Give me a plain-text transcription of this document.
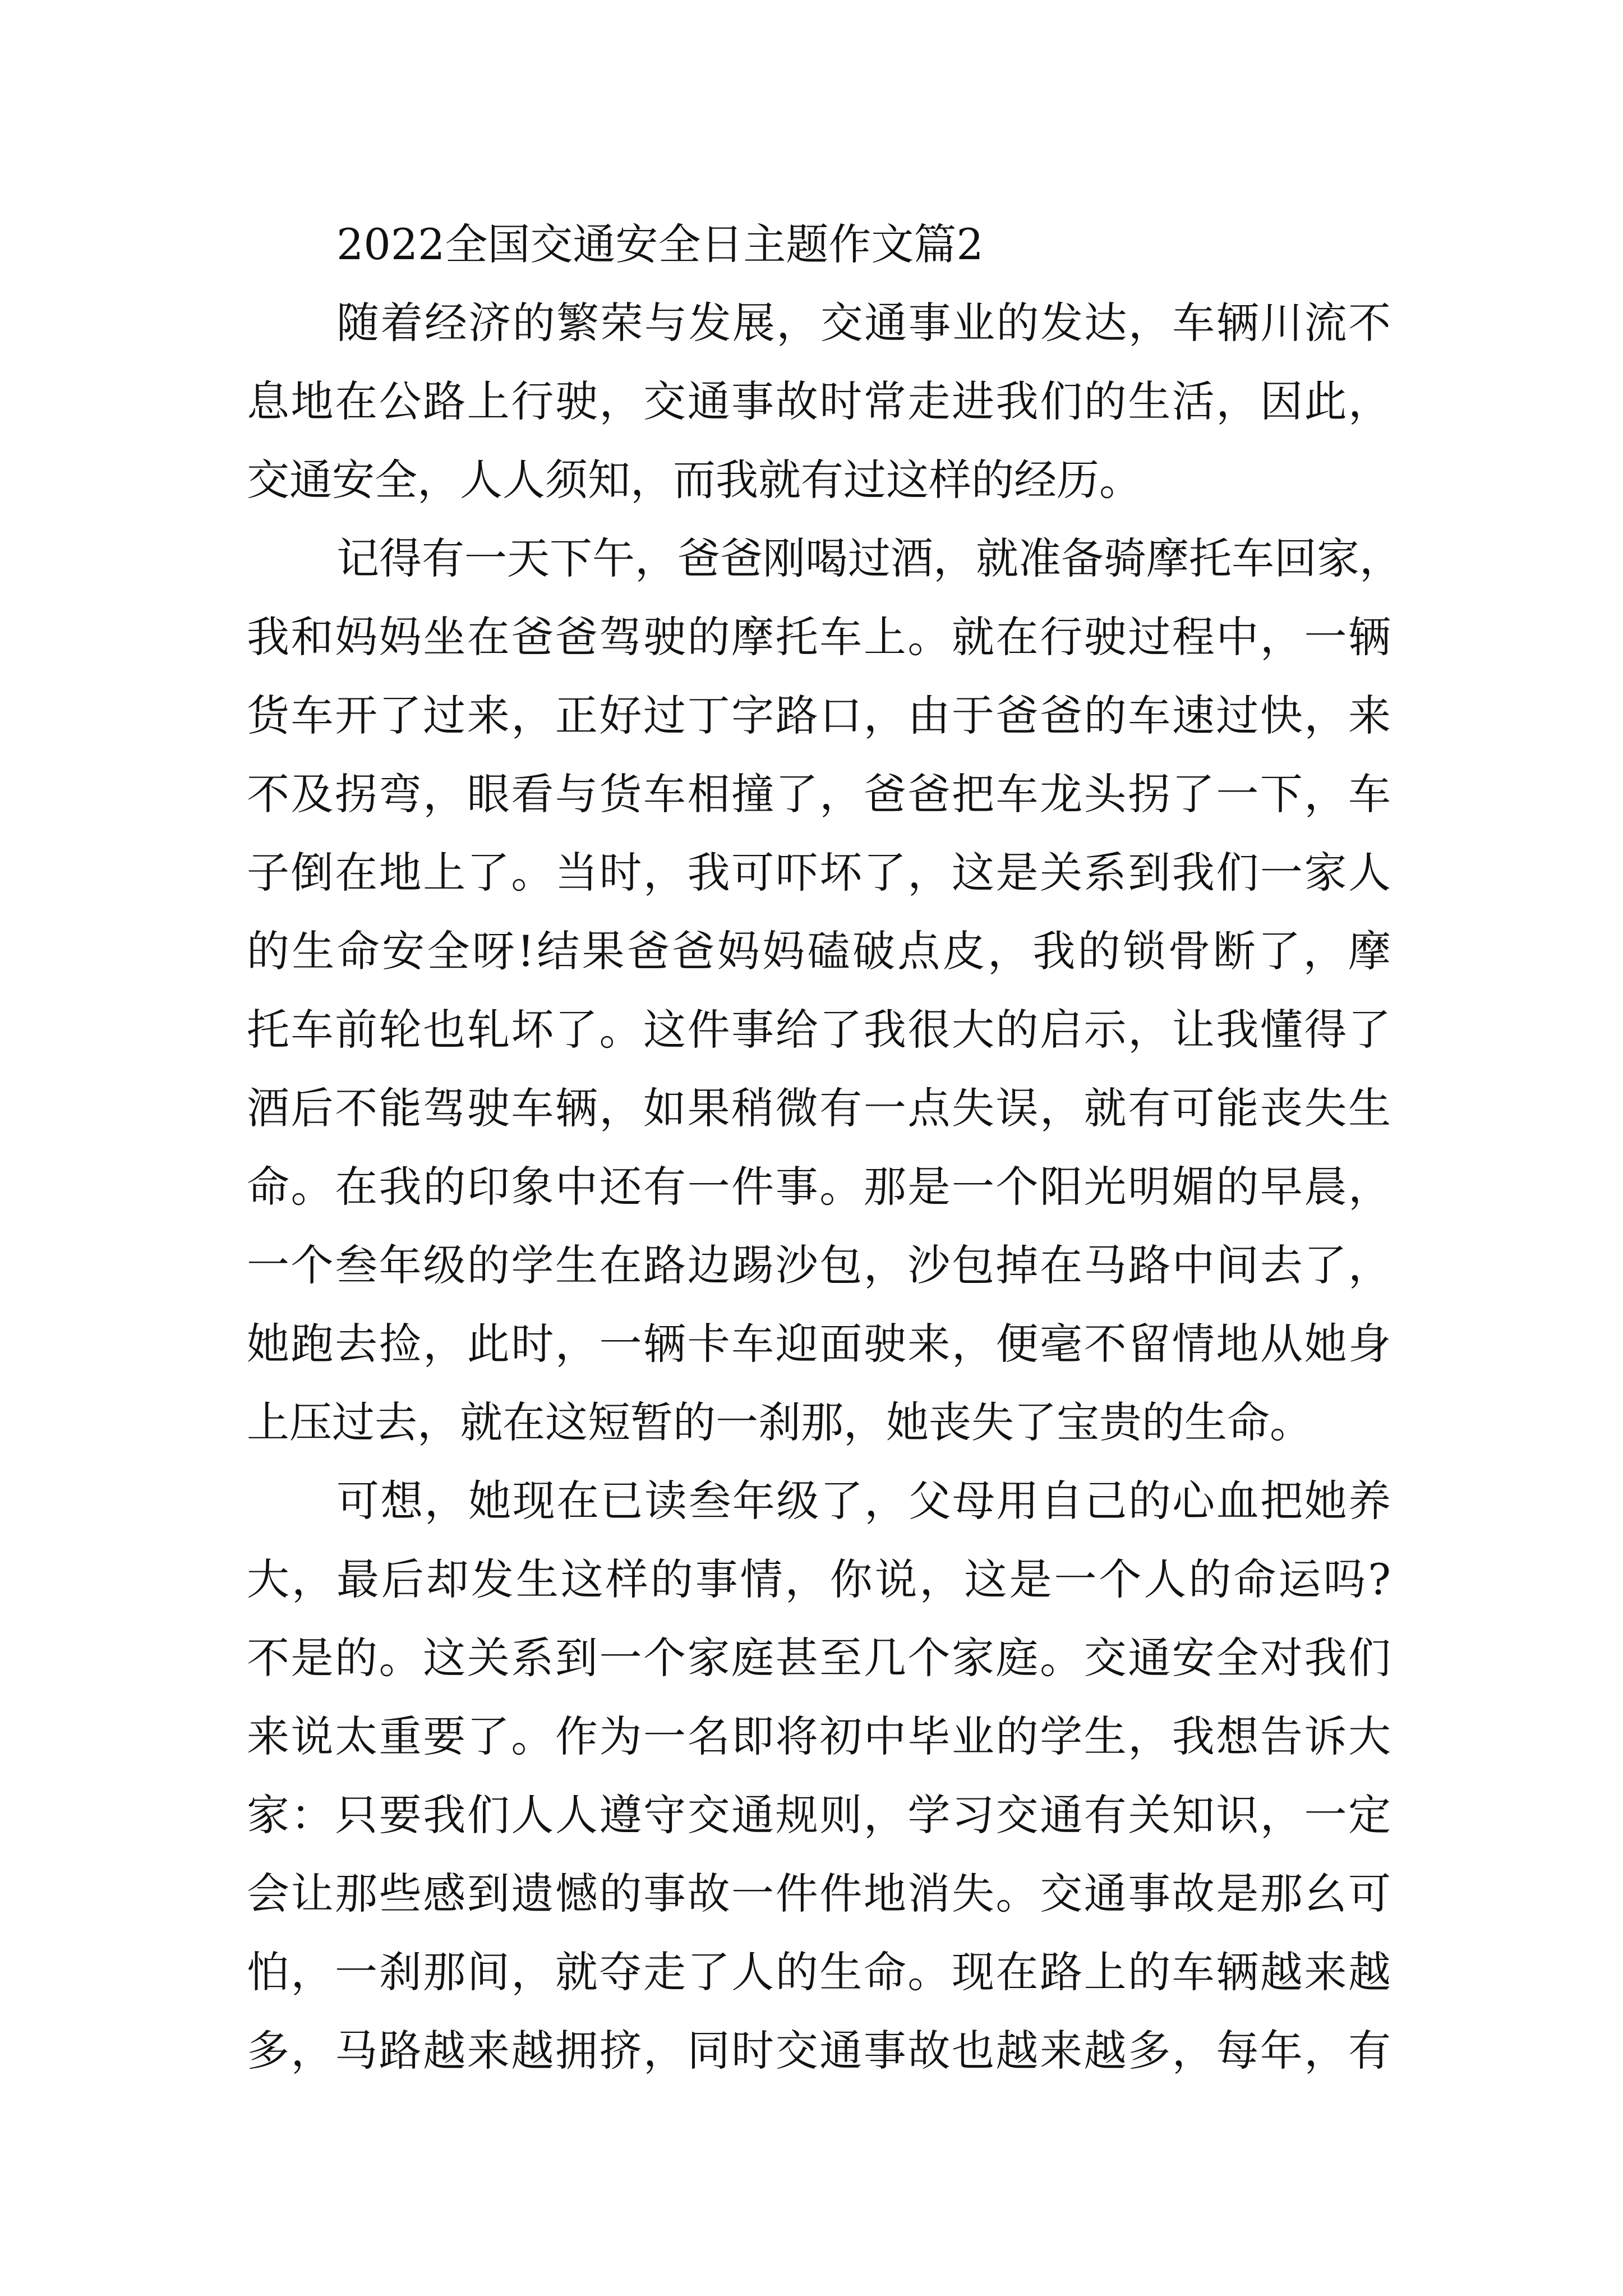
2022全国交通安全日主题作文篇2
随着经济的繁荣与发展，交通事业的发达，车辆川流不
息地在公路上行驶，交通事故时常走进我们的生活，因此，
交通安全，人人须知，而我就有过这样的经历。
记得有一天下午，爸爸刚喝过酒，就准备骑摩托车回家，
我和妈妈坐在爸爸驾驶的摩托车上。就在行驶过程中，一辆
货车开了过来，正好过丁字路口，由于爸爸的车速过快，来
不及拐弯，眼看与货车相撞了，爸爸把车龙头拐了一下，车
子倒在地上了。当时，我可吓坏了，这是关系到我们一家人
的生命安全呀!结果爸爸妈妈磕破点皮，我的锁骨断了，摩
托车前轮也轧坏了。这件事给了我很大的启示，让我懂得了
酒后不能驾驶车辆，如果稍微有一点失误，就有可能丧失生
命。在我的印象中还有一件事。那是一个阳光明媚的早晨，
一个叁年级的学生在路边踢沙包，沙包掉在马路中间去了，
她跑去捡，此时，一辆卡车迎面驶来，便毫不留情地从她身
上压过去，就在这短暂的一刹那，她丧失了宝贵的生命。
可想，她现在已读叁年级了，父母用自己的心血把她养
大，最后却发生这样的事情，你说，这是一个人的命运吗?
不是的。这关系到一个家庭甚至几个家庭。交通安全对我们
来说太重要了。作为一名即将初中毕业的学生，我想告诉大
家：只要我们人人遵守交通规则，学习交通有关知识，一定
会让那些感到遗憾的事故一件件地消失。交通事故是那幺可
怕，一刹那间，就夺走了人的生命。现在路上的车辆越来越
多，马路越来越拥挤，同时交通事故也越来越多，每年，有
